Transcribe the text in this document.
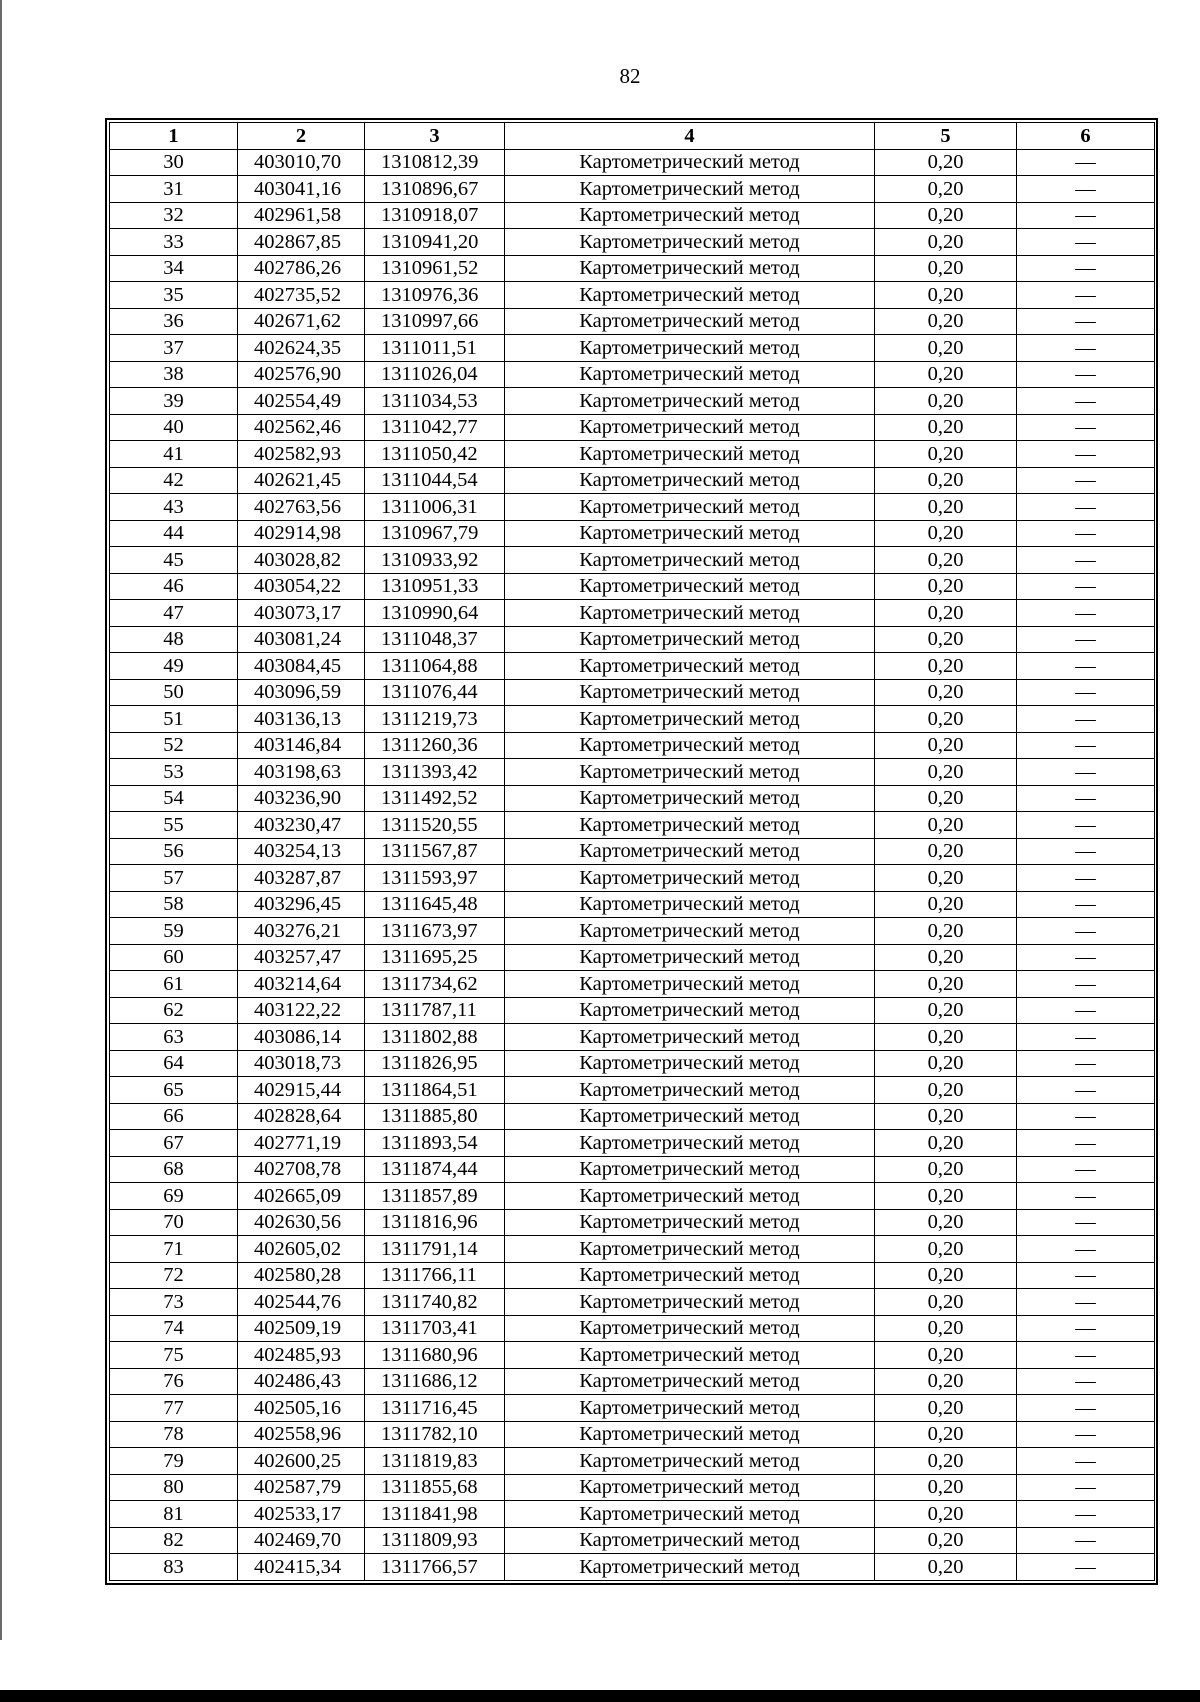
82
1	2	3	4	5	6
30	403010,70	1310812,39	Картометрический метод	0,20	—
31	403041,16	1310896,67	Картометрический метод	0,20	—
32	402961,58	1310918,07	Картометрический метод	0,20	—
33	402867,85	1310941,20	Картометрический метод	0,20	—
34	402786,26	1310961,52	Картометрический метод	0,20	—
35	402735,52	1310976,36	Картометрический метод	0,20	—
36	402671,62	1310997,66	Картометрический метод	0,20	—
37	402624,35	1311011,51	Картометрический метод	0,20	—
38	402576,90	1311026,04	Картометрический метод	0,20	—
39	402554,49	1311034,53	Картометрический метод	0,20	—
40	402562,46	1311042,77	Картометрический метод	0,20	—
41	402582,93	1311050,42	Картометрический метод	0,20	—
42	402621,45	1311044,54	Картометрический метод	0,20	—
43	402763,56	1311006,31	Картометрический метод	0,20	—
44	402914,98	1310967,79	Картометрический метод	0,20	—
45	403028,82	1310933,92	Картометрический метод	0,20	—
46	403054,22	1310951,33	Картометрический метод	0,20	—
47	403073,17	1310990,64	Картометрический метод	0,20	—
48	403081,24	1311048,37	Картометрический метод	0,20	—
49	403084,45	1311064,88	Картометрический метод	0,20	—
50	403096,59	1311076,44	Картометрический метод	0,20	—
51	403136,13	1311219,73	Картометрический метод	0,20	—
52	403146,84	1311260,36	Картометрический метод	0,20	—
53	403198,63	1311393,42	Картометрический метод	0,20	—
54	403236,90	1311492,52	Картометрический метод	0,20	—
55	403230,47	1311520,55	Картометрический метод	0,20	—
56	403254,13	1311567,87	Картометрический метод	0,20	—
57	403287,87	1311593,97	Картометрический метод	0,20	—
58	403296,45	1311645,48	Картометрический метод	0,20	—
59	403276,21	1311673,97	Картометрический метод	0,20	—
60	403257,47	1311695,25	Картометрический метод	0,20	—
61	403214,64	1311734,62	Картометрический метод	0,20	—
62	403122,22	1311787,11	Картометрический метод	0,20	—
63	403086,14	1311802,88	Картометрический метод	0,20	—
64	403018,73	1311826,95	Картометрический метод	0,20	—
65	402915,44	1311864,51	Картометрический метод	0,20	—
66	402828,64	1311885,80	Картометрический метод	0,20	—
67	402771,19	1311893,54	Картометрический метод	0,20	—
68	402708,78	1311874,44	Картометрический метод	0,20	—
69	402665,09	1311857,89	Картометрический метод	0,20	—
70	402630,56	1311816,96	Картометрический метод	0,20	—
71	402605,02	1311791,14	Картометрический метод	0,20	—
72	402580,28	1311766,11	Картометрический метод	0,20	—
73	402544,76	1311740,82	Картометрический метод	0,20	—
74	402509,19	1311703,41	Картометрический метод	0,20	—
75	402485,93	1311680,96	Картометрический метод	0,20	—
76	402486,43	1311686,12	Картометрический метод	0,20	—
77	402505,16	1311716,45	Картометрический метод	0,20	—
78	402558,96	1311782,10	Картометрический метод	0,20	—
79	402600,25	1311819,83	Картометрический метод	0,20	—
80	402587,79	1311855,68	Картометрический метод	0,20	—
81	402533,17	1311841,98	Картометрический метод	0,20	—
82	402469,70	1311809,93	Картометрический метод	0,20	—
83	402415,34	1311766,57	Картометрический метод	0,20	—
